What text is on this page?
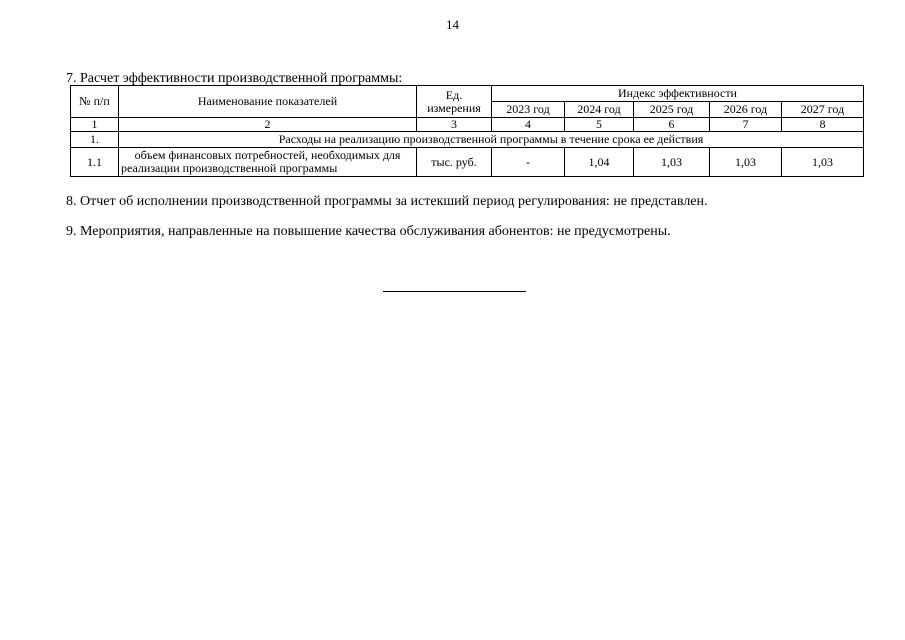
14
7. Расчет эффективности производственной программы:
№ п/п	Наименование показателей	Ед. измерения	Индекс эффективности				
			2023 год	2024 год	2025 год	2026 год	2027 год
1	2	3	4	5	6	7	8
1.	Расходы на реализацию производственной программы в течение срока ее действия						
1.1	объем финансовых потребностей, необходимых для реализации производственной программы	тыс. руб.	-	1,04	1,03	1,03	1,03
8. Отчет об исполнении производственной программы за истекший период регулирования: не представлен.
9. Мероприятия, направленные на повышение качества обслуживания абонентов: не предусмотрены.
